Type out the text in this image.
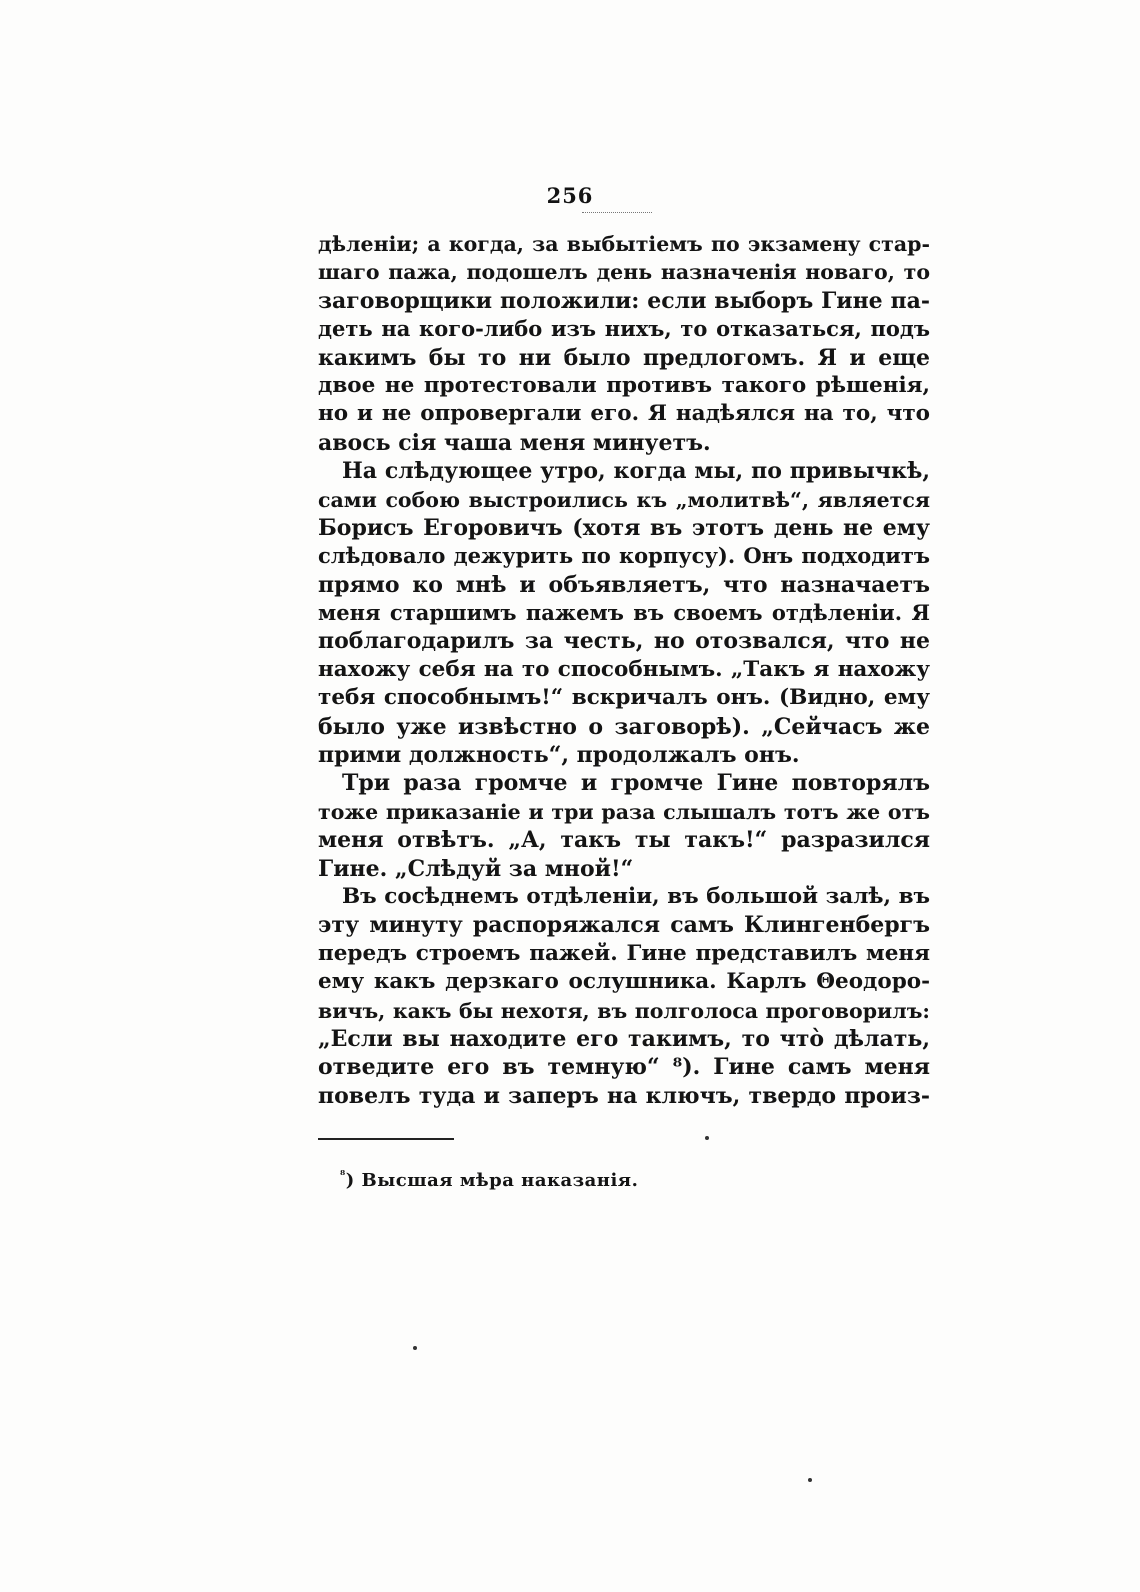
256
дѣленіи; а когда, за выбытіемъ по экзамену стар-
шаго пажа, подошелъ день назначенія новаго, то
заговорщики положили: если выборъ Гине па-
деть на кого-либо изъ нихъ, то отказаться, подъ
какимъ бы то ни было предлогомъ. Я и еще
двое не протестовали противъ такого рѣшенія,
но и не опровергали его. Я надѣялся на то, что
авось сія чаша меня минуетъ.
На слѣдующее утро, когда мы, по привычкѣ,
сами собою выстроились къ „молитвѣ“, является
Борисъ Егоровичъ (хотя въ этотъ день не ему
слѣдовало дежурить по корпусу). Онъ подходитъ
прямо ко мнѣ и объявляетъ, что назначаетъ
меня старшимъ пажемъ въ своемъ отдѣленіи. Я
поблагодарилъ за честь, но отозвался, что не
нахожу себя на то способнымъ. „Такъ я нахожу
тебя способнымъ!“ вскричалъ онъ. (Видно, ему
было уже извѣстно о заговорѣ). „Сейчасъ же
прими должность“, продолжалъ онъ.
Три раза громче и громче Гине повторялъ
тоже приказаніе и три раза слышалъ тотъ же отъ
меня отвѣтъ. „А, такъ ты такъ!“ разразился
Гине. „Слѣдуй за мной!“
Въ сосѣднемъ отдѣленіи, въ большой залѣ, въ
эту минуту распоряжался самъ Клингенбергъ
передъ строемъ пажей. Гине представилъ меня
ему какъ дерзкаго ослушника. Карлъ Θеодоро-
вичъ, какъ бы нехотя, въ полголоса проговорилъ:
„Если вы находите его такимъ, то что̀ дѣлать,
отведите его въ темную“ ⁸). Гине самъ меня
повелъ туда и заперъ на ключъ, твердо произ-
$^{^8}$) Высшая мѣра наказанія.
